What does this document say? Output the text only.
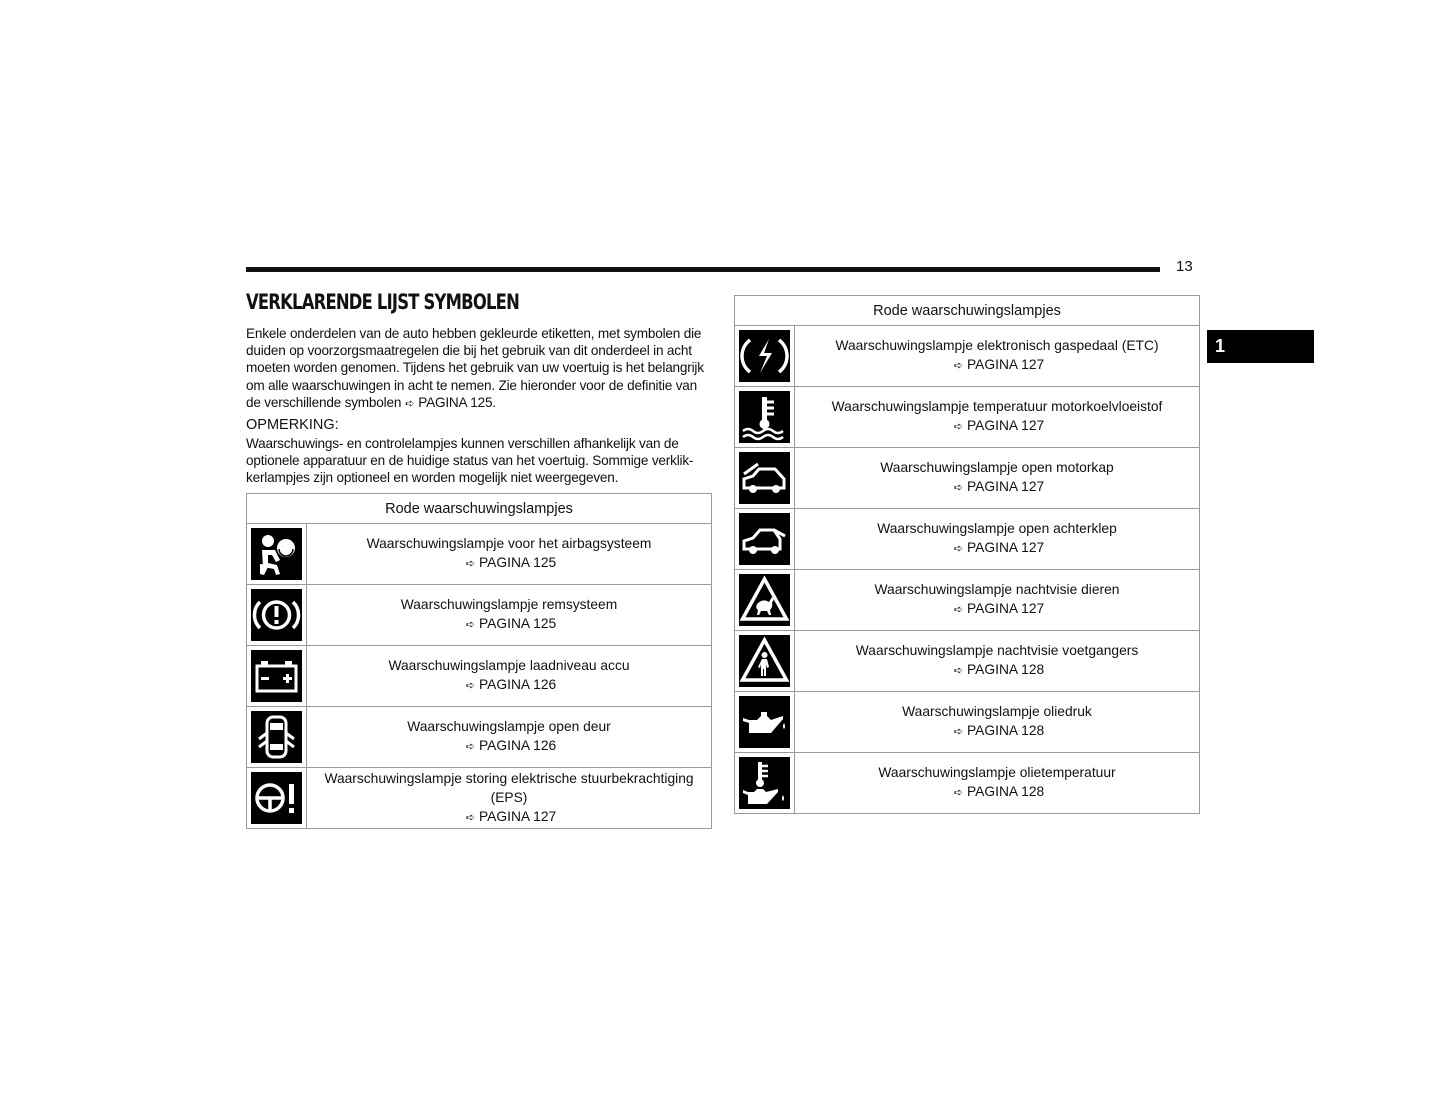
13
1
VERKLARENDE LIJST SYMBOLEN
Enkele onderdelen van de auto hebben gekleurde etiketten, met symbolen die
duiden op voorzorgsmaatregelen die bij het gebruik van dit onderdeel in acht
moeten worden genomen. Tijdens het gebruik van uw voertuig is het belangrijk
om alle waarschuwingen in acht te nemen. Zie hieronder voor de definitie van
de verschillende symbolen ➪ PAGINA 125.
OPMERKING:
Waarschuwings- en controlelampjes kunnen verschillen afhankelijk van de
optionele apparatuur en de huidige status van het voertuig. Sommige verklik-
kerlampjes zijn optioneel en worden mogelijk niet weergegeven.
Rode waarschuwingslampjes	

Waarschuwingslampje voor het airbagsysteem
➪ PAGINA 125

Waarschuwingslampje remsysteem
➪ PAGINA 125

Waarschuwingslampje laadniveau accu
➪ PAGINA 126

Waarschuwingslampje open deur
➪ PAGINA 126

Waarschuwingslampje storing elektrische stuurbekrachtiging
(EPS)
➪ PAGINA 127
Rode waarschuwingslampjes	

Waarschuwingslampje elektronisch gaspedaal (ETC)
➪ PAGINA 127

Waarschuwingslampje temperatuur motorkoelvloeistof
➪ PAGINA 127

Waarschuwingslampje open motorkap
➪ PAGINA 127

Waarschuwingslampje open achterklep
➪ PAGINA 127

Waarschuwingslampje nachtvisie dieren
➪ PAGINA 127

Waarschuwingslampje nachtvisie voetgangers
➪ PAGINA 128

Waarschuwingslampje oliedruk
➪ PAGINA 128

Waarschuwingslampje olietemperatuur
➪ PAGINA 128
